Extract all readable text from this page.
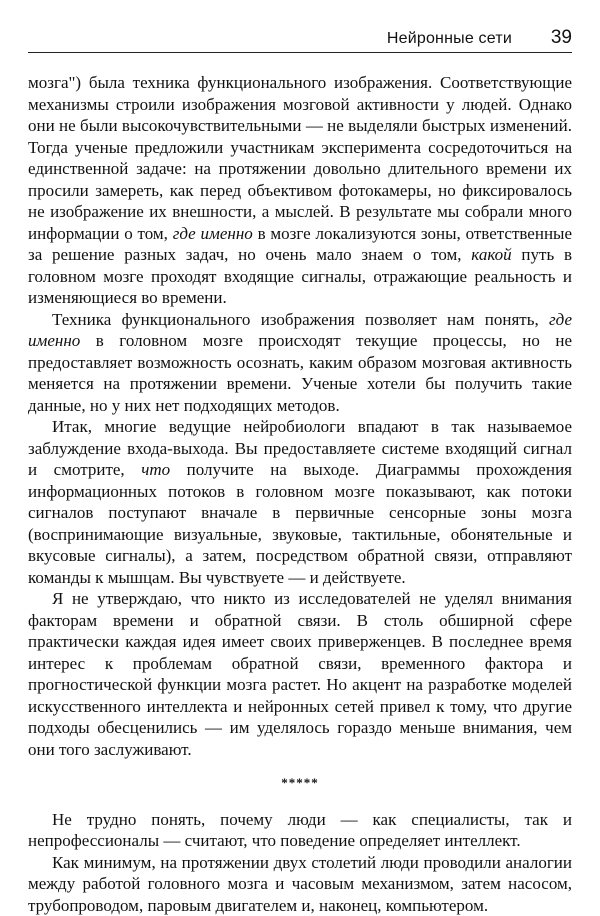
Нейронные сети 39

мозга") была техника функционального изображения. Соответствующие механизмы строили изображения мозговой активности у людей. Однако они не были высокочувствительными — не выделяли быстрых изменений. Тогда ученые предложили участникам эксперимента сосредоточиться на единственной задаче: на протяжении довольно длительного времени их просили замереть, как перед объективом фотокамеры, но фиксировалось не изображение их внешности, а мыслей. В результате мы собрали много информации о том, где именно в мозге локализуются зоны, ответственные за решение разных задач, но очень мало знаем о том, какой путь в головном мозге проходят входящие сигналы, отражающие реальность и изменяющиеся во времени.

Техника функционального изображения позволяет нам понять, где именно в головном мозге происходят текущие процессы, но не предоставляет возможность осознать, каким образом мозговая активность меняется на протяжении времени. Ученые хотели бы получить такие данные, но у них нет подходящих методов.

Итак, многие ведущие нейробиологи впадают в так называемое заблуждение входа-выхода. Вы предоставляете системе входящий сигнал и смотрите, что получите на выходе. Диаграммы прохождения информационных потоков в головном мозге показывают, как потоки сигналов поступают вначале в первичные сенсорные зоны мозга (воспринимающие визуальные, звуковые, тактильные, обонятельные и вкусовые сигналы), а затем, посредством обратной связи, отправляют команды к мышцам. Вы чувствуете — и действуете.

Я не утверждаю, что никто из исследователей не уделял внимания факторам времени и обратной связи. В столь обширной сфере практически каждая идея имеет своих приверженцев. В последнее время интерес к проблемам обратной связи, временного фактора и прогностической функции мозга растет. Но акцент на разработке моделей искусственного интеллекта и нейронных сетей привел к тому, что другие подходы обесценились — им уделялось гораздо меньше внимания, чем они того заслуживают.

*****

Не трудно понять, почему люди — как специалисты, так и непрофессионалы — считают, что поведение определяет интеллект.

Как минимум, на протяжении двух столетий люди проводили аналогии между работой головного мозга и часовым механизмом, затем насосом, трубопроводом, паровым двигателем и, наконец, компьютером.
